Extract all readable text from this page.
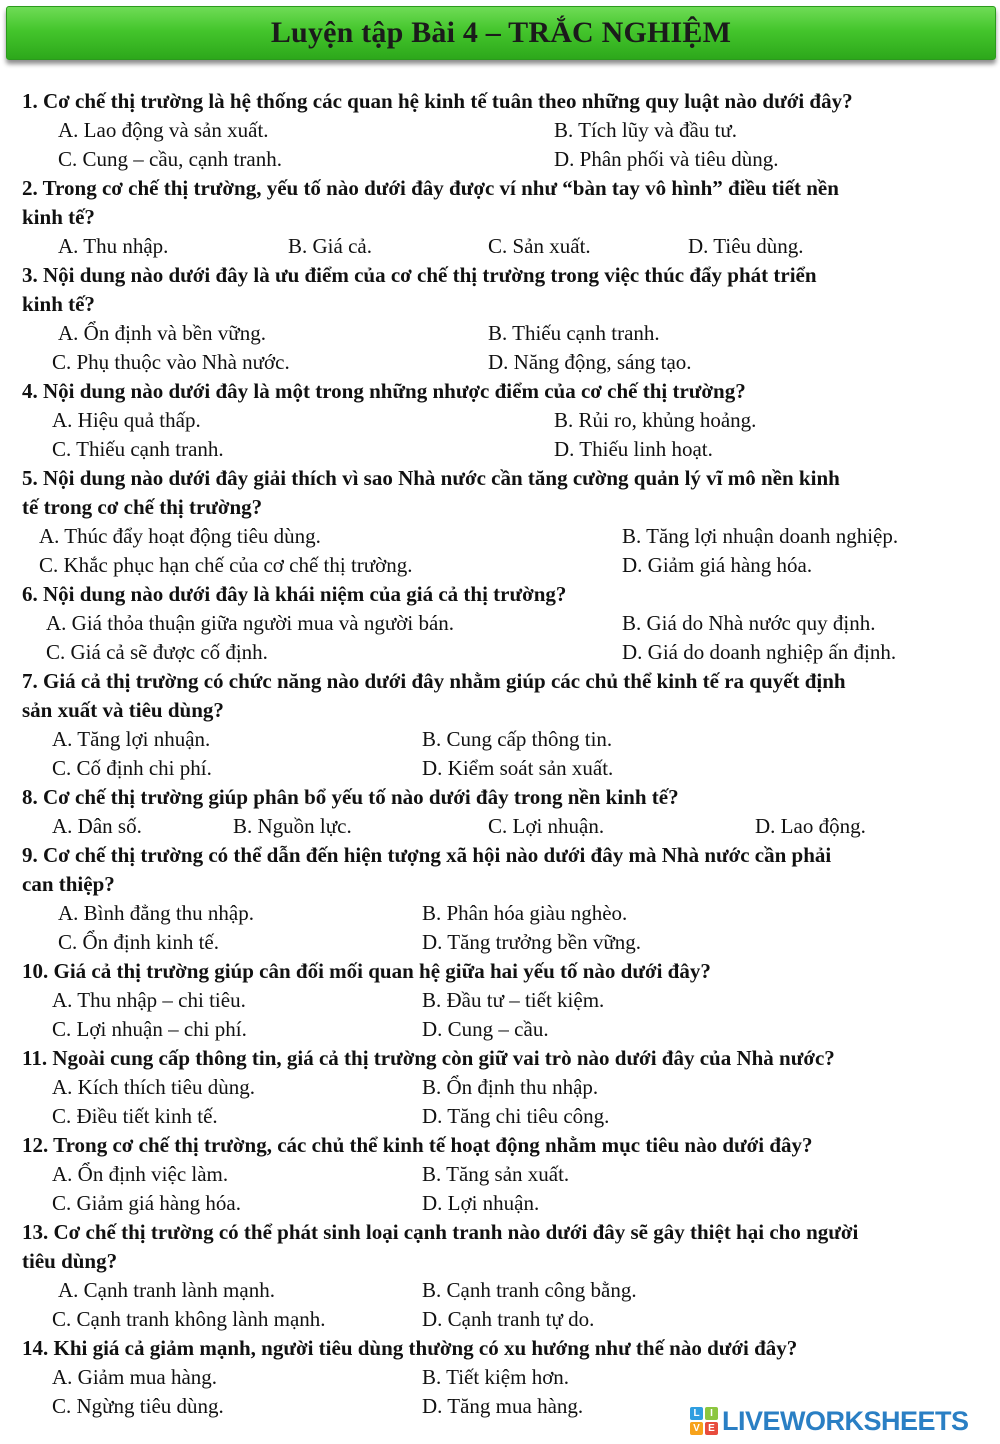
Luyện tập Bài 4 – TRẮC NGHIỆM

1. Cơ chế thị trường là hệ thống các quan hệ kinh tế tuân theo những quy luật nào dưới đây?

A. Lao động và sản xuất.	B. Tích lũy và đầu tư.
C. Cung – cầu, cạnh tranh.	D. Phân phối và tiêu dùng.

2. Trong cơ chế thị trường, yếu tố nào dưới đây được ví như “bàn tay vô hình” điều tiết nền

kinh tế?

A. Thu nhập.	B. Giá cả.	C. Sản xuất.	D. Tiêu dùng.

3. Nội dung nào dưới đây là ưu điểm của cơ chế thị trường trong việc thúc đẩy phát triển

kinh tế?

A. Ổn định và bền vững.	B. Thiếu cạnh tranh.
C. Phụ thuộc vào Nhà nước.	D. Năng động, sáng tạo.

4. Nội dung nào dưới đây là một trong những nhược điểm của cơ chế thị trường?

A. Hiệu quả thấp.	B. Rủi ro, khủng hoảng.
C. Thiếu cạnh tranh.	D. Thiếu linh hoạt.

5. Nội dung nào dưới đây giải thích vì sao Nhà nước cần tăng cường quản lý vĩ mô nền kinh

tế trong cơ chế thị trường?

A. Thúc đẩy hoạt động tiêu dùng.	B. Tăng lợi nhuận doanh nghiệp.
C. Khắc phục hạn chế của cơ chế thị trường.	D. Giảm giá hàng hóa.

6. Nội dung nào dưới đây là khái niệm của giá cả thị trường?

A. Giá thỏa thuận giữa người mua và người bán.	B. Giá do Nhà nước quy định.
C. Giá cả sẽ được cố định.	D. Giá do doanh nghiệp ấn định.

7. Giá cả thị trường có chức năng nào dưới đây nhằm giúp các chủ thể kinh tế ra quyết định

sản xuất và tiêu dùng?

A. Tăng lợi nhuận.	B. Cung cấp thông tin.
C. Cố định chi phí.	D. Kiểm soát sản xuất.

8. Cơ chế thị trường giúp phân bổ yếu tố nào dưới đây trong nền kinh tế?

A. Dân số.	B. Nguồn lực.	C. Lợi nhuận.	D. Lao động.

9. Cơ chế thị trường có thể dẫn đến hiện tượng xã hội nào dưới đây mà Nhà nước cần phải

can thiệp?

A. Bình đẳng thu nhập.	B. Phân hóa giàu nghèo.
C. Ổn định kinh tế.	D. Tăng trưởng bền vững.

10. Giá cả thị trường giúp cân đối mối quan hệ giữa hai yếu tố nào dưới đây?

A. Thu nhập – chi tiêu.	B. Đầu tư – tiết kiệm.
C. Lợi nhuận – chi phí.	D. Cung – cầu.

11. Ngoài cung cấp thông tin, giá cả thị trường còn giữ vai trò nào dưới đây của Nhà nước?

A. Kích thích tiêu dùng.	B. Ổn định thu nhập.
C. Điều tiết kinh tế.	D. Tăng chi tiêu công.

12. Trong cơ chế thị trường, các chủ thể kinh tế hoạt động nhằm mục tiêu nào dưới đây?

A. Ổn định việc làm.	B. Tăng sản xuất.
C. Giảm giá hàng hóa.	D. Lợi nhuận.

13. Cơ chế thị trường có thể phát sinh loại cạnh tranh nào dưới đây sẽ gây thiệt hại cho người

tiêu dùng?

A. Cạnh tranh lành mạnh.	B. Cạnh tranh công bằng.
C. Cạnh tranh không lành mạnh.	D. Cạnh tranh tự do.

14. Khi giá cả giảm mạnh, người tiêu dùng thường có xu hướng như thế nào dưới đây?

A. Giảm mua hàng.	B. Tiết kiệm hơn.
C. Ngừng tiêu dùng.	D. Tăng mua hàng.	L	I
V E LIVEWORKSHEETS
